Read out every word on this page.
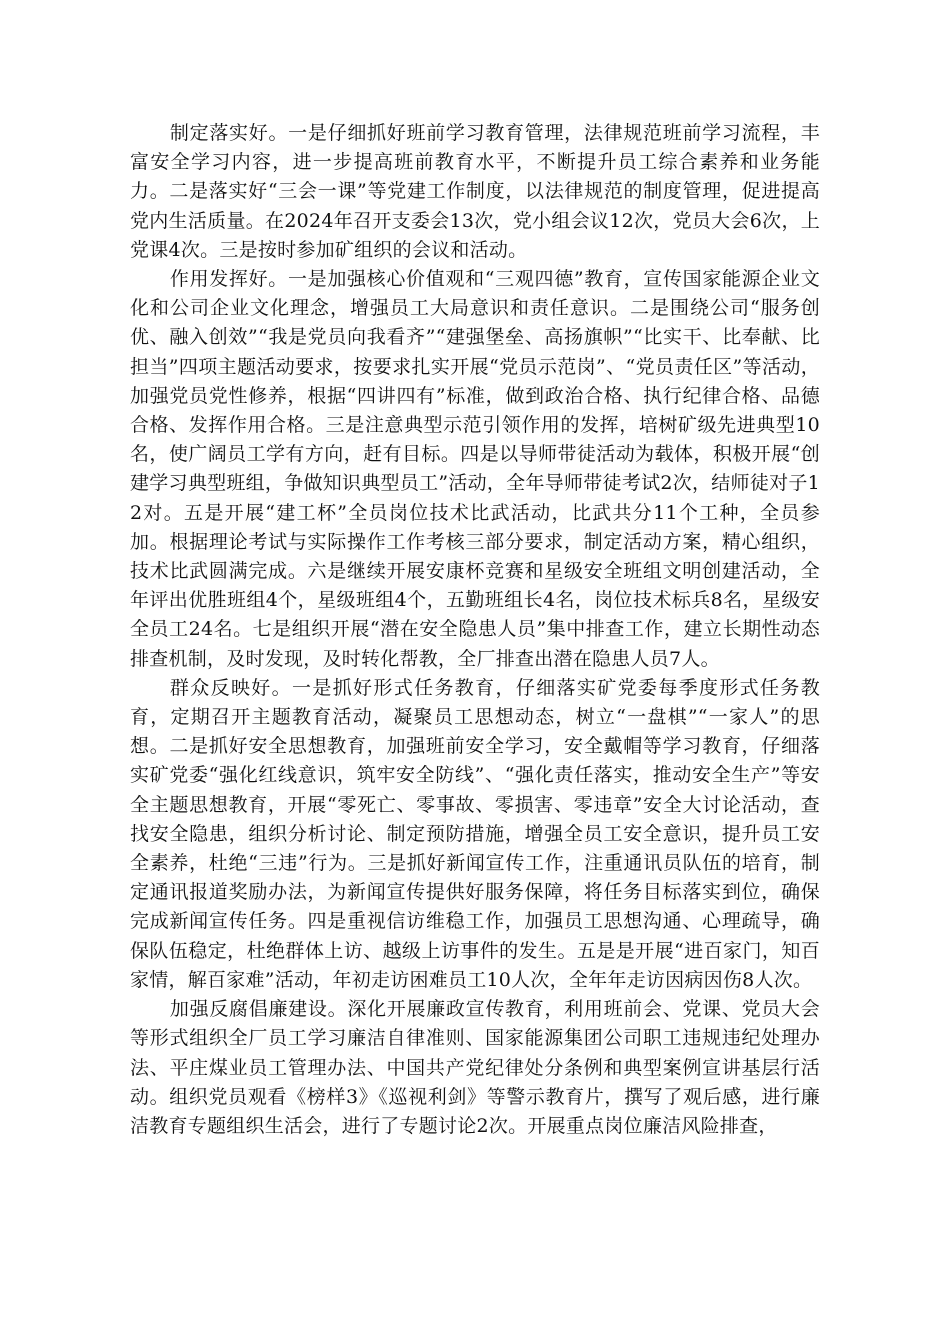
制定落实好。一是仔细抓好班前学习教育管理，法律规范班前学习流程，丰富安全学习内容，进一步提高班前教育水平，不断提升员工综合素养和业务能力。二是落实好“三会一课”等党建工作制度，以法律规范的制度管理，促进提高党内生活质量。在2024年召开支委会13次，党小组会议12次，党员大会6次，上党课4次。三是按时参加矿组织的会议和活动。

作用发挥好。一是加强核心价值观和“三观四德”教育，宣传国家能源企业文化和公司企业文化理念，增强员工大局意识和责任意识。二是围绕公司“服务创优、融入创效”“我是党员向我看齐”“建强堡垒、高扬旗帜”“比实干、比奉献、比担当”四项主题活动要求，按要求扎实开展“党员示范岗”、“党员责任区”等活动，加强党员党性修养，根据“四讲四有”标准，做到政治合格、执行纪律合格、品德合格、发挥作用合格。三是注意典型示范引领作用的发挥，培树矿级先进典型10名，使广阔员工学有方向，赶有目标。四是以导师带徒活动为载体，积极开展“创建学习典型班组，争做知识典型员工”活动，全年导师带徒考试2次，结师徒对子12对。五是开展“建工杯”全员岗位技术比武活动，比武共分11个工种，全员参加。根据理论考试与实际操作工作考核三部分要求，制定活动方案，精心组织，技术比武圆满完成。六是继续开展安康杯竞赛和星级安全班组文明创建活动，全年评出优胜班组4个，星级班组4个，五勤班组长4名，岗位技术标兵8名，星级安全员工24名。七是组织开展“潜在安全隐患人员”集中排查工作，建立长期性动态排查机制，及时发现，及时转化帮教，全厂排查出潜在隐患人员7人。

群众反映好。一是抓好形式任务教育，仔细落实矿党委每季度形式任务教育，定期召开主题教育活动，凝聚员工思想动态，树立“一盘棋”“一家人”的思想。二是抓好安全思想教育，加强班前安全学习，安全戴帽等学习教育，仔细落实矿党委“强化红线意识，筑牢安全防线”、“强化责任落实，推动安全生产”等安全主题思想教育，开展“零死亡、零事故、零损害、零违章”安全大讨论活动，查找安全隐患，组织分析讨论、制定预防措施，增强全员工安全意识，提升员工安全素养，杜绝“三违”行为。三是抓好新闻宣传工作，注重通讯员队伍的培育，制定通讯报道奖励办法，为新闻宣传提供好服务保障，将任务目标落实到位，确保完成新闻宣传任务。四是重视信访维稳工作，加强员工思想沟通、心理疏导，确保队伍稳定，杜绝群体上访、越级上访事件的发生。五是是开展“进百家门，知百家情，解百家难”活动，年初走访困难员工10人次，全年年走访因病因伤8人次。

加强反腐倡廉建设。深化开展廉政宣传教育，利用班前会、党课、党员大会等形式组织全厂员工学习廉洁自律准则、国家能源集团公司职工违规违纪处理办法、平庄煤业员工管理办法、中国共产党纪律处分条例和典型案例宣讲基层行活动。组织党员观看《榜样3》《巡视利剑》等警示教育片，撰写了观后感，进行廉洁教育专题组织生活会，进行了专题讨论2次。开展重点岗位廉洁风险排查，
